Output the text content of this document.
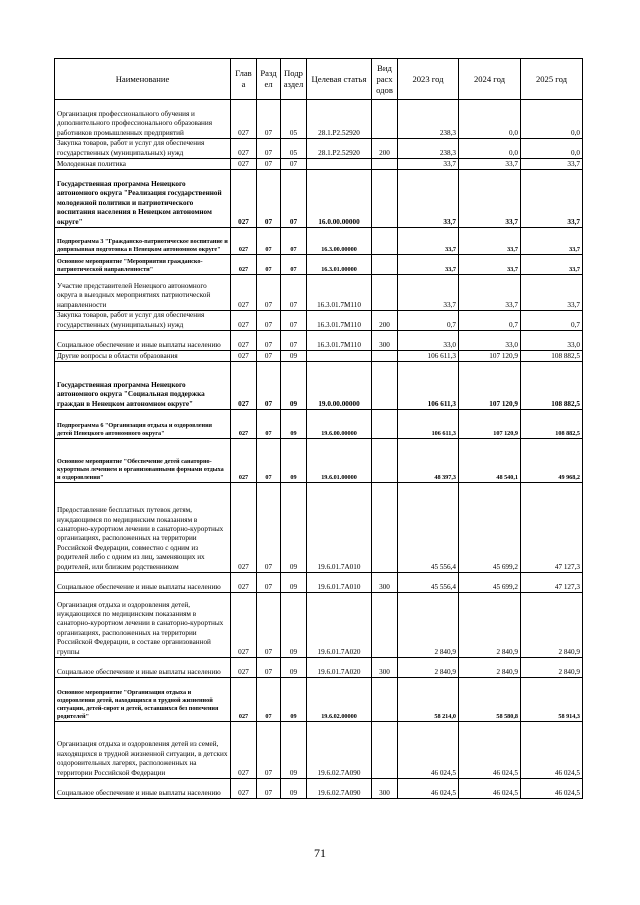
Наименование	Глав а	Разд ел	Подр аздел	Целевая статья	Вид расх одов	2023 год	2024 год	2025 год
Организация профессионального обучения и дополнительного профессионального образования работников промышленных предприятий	027	07	05	28.1.P2.52920		238,3	0,0	0,0
Закупка товаров, работ и услуг для обеспечения государственных (муниципальных) нужд	027	07	05	28.1.P2.52920	200	238,3	0,0	0,0
Молодежная политика	027	07	07			33,7	33,7	33,7
Государственная программа Ненецкого автономного округа "Реализация государственной молодежной политики и патриотического воспитания населения в Ненецком автономном округе"	027	07	07	16.0.00.00000		33,7	33,7	33,7
Подпрограмма 3 "Гражданско-патриотическое воспитание и допризывная подготовка в Ненецком автономном округе"	027	07	07	16.3.00.00000		33,7	33,7	33,7
Основное мероприятие "Мероприятия гражданско-патриотической направленности"	027	07	07	16.3.01.00000		33,7	33,7	33,7
Участие представителей Ненецкого автономного округа в выездных мероприятиях патриотической направленности	027	07	07	16.3.01.7М110		33,7	33,7	33,7
Закупка товаров, работ и услуг для обеспечения государственных (муниципальных) нужд	027	07	07	16.3.01.7М110	200	0,7	0,7	0,7
Социальное обеспечение и иные выплаты населению	027	07	07	16.3.01.7М110	300	33,0	33,0	33,0
Другие вопросы в области образования	027	07	09			106 611,3	107 120,9	108 882,5
Государственная программа Ненецкого автономного округа "Социальная поддержка граждан в Ненецком автономном округе"	027	07	09	19.0.00.00000		106 611,3	107 120,9	108 882,5
Подпрограмма 6 "Организация отдыха и оздоровления детей Ненецкого автономного округа"	027	07	09	19.6.00.00000		106 611,3	107 120,9	108 882,5
Основное мероприятие "Обеспечение детей санаторно-курортным лечением и организованными формами отдыха и оздоровления"	027	07	09	19.6.01.00000		48 397,3	48 540,1	49 968,2
Предоставление бесплатных путевок детям, нуждающимся по медицинским показаниям в санаторно-курортном лечении в санаторно-курортных организациях, расположенных на территории Российской Федерации, совместно с одним из родителей либо с одним из лиц, заменяющих их родителей, или близким родственником	027	07	09	19.6.01.7А010		45 556,4	45 699,2	47 127,3
Социальное обеспечение и иные выплаты населению	027	07	09	19.6.01.7А010	300	45 556,4	45 699,2	47 127,3
Организация отдыха и оздоровления детей, нуждающихся по медицинским показаниям в санаторно-курортном лечении в санаторно-курортных организациях, расположенных на территории Российской Федерации, в составе организованной группы	027	07	09	19.6.01.7А020		2 840,9	2 840,9	2 840,9
Социальное обеспечение и иные выплаты населению	027	07	09	19.6.01.7А020	300	2 840,9	2 840,9	2 840,9
Основное мероприятие "Организация отдыха и оздоровления детей, находящихся в трудной жизненной ситуации, детей-сирот и детей, оставшихся без попечения родителей"	027	07	09	19.6.02.00000		58 214,0	58 580,8	58 914,3
Организация отдыха и оздоровления детей из семей, находящихся в трудной жизненной ситуации, в детских оздоровительных лагерях, расположенных на территории Российской Федерации	027	07	09	19.6.02.7А090		46 024,5	46 024,5	46 024,5
Социальное обеспечение и иные выплаты населению	027	07	09	19.6.02.7А090	300	46 024,5	46 024,5	46 024,5
71
